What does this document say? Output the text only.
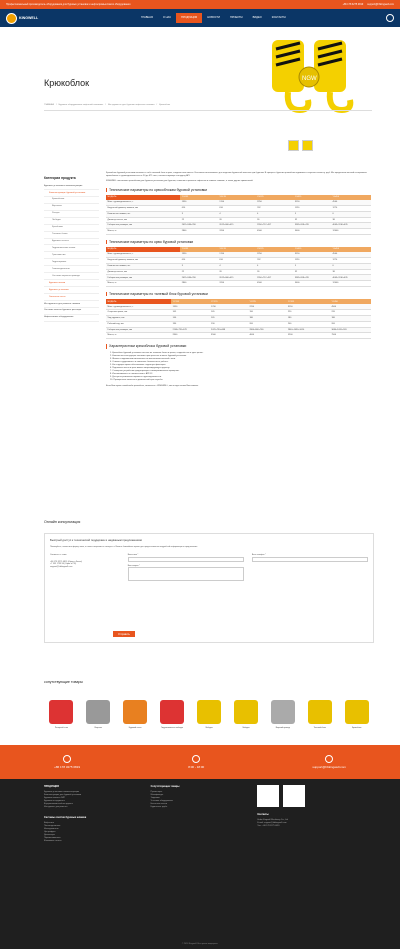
Профессиональный производитель оборудования для буровых установок и нефтепромыслового оборудования	+86 178 3275 0819 support@hbkingwell.com
KINGWELL	ГЛАВНАЯ	О НАС	ПРОДУКЦИЯ	НОВОСТИ	ПРОЕКТЫ	ВИДЕО	КОНТАКТЫ
Крюкоблок	NGW
ГЛАВНАЯ / Буровое оборудование нефтяной скважины / Инструменты для бурения нефтяных скважин / Крюкоблок
Категории продукта
Буровые установки и комплектующие
Комплектующие буровой установки
Крюкоблоки
Вертлюги
Роторы
Лебёдки
Кронблоки
Талевые блоки
Буровые насосы
Гидравлические ключи
Трансмиссии
Гидротормоза
Глиноотделители
Системы верхнего привода
Буровые вышки
Буровые установки
Запасные части
Инструменты для ремонта скважин
Системы очистки бурового раствора
Нефтегазовое оборудование

Крюкоблок буровой установки включает в себя талевый блок и крюк, соединенные вместе. Его можно использовать для подъема бурильной колонны при бурении. В процессе бурения крюкоблок поднимает и опускает колонну труб. Мы предлагаем полный ассортимент крюкоблоков с грузоподъемностью от 50 до 675 тонн, соответствующих стандарту API.

KINGWELL поставляет крюкоблоки для буровых установок для бурения, освоения и ремонта нефтяных и газовых скважин, а также других применений.

Технические параметры по крюкоблокам буровой установки
МОДЕЛЬ	YG135	YG170	YG225	YG315	YG450
Макс. грузоподъемность, т	1350	1700	2250	3150	4500
Наружный диаметр шкивов, мм	610	610	762	1120	1270
Количество шкивов, шт.	3	4	4	5	6
Диаметр каната, мм	22	26	26	32	38
Габаритные размеры, мм	2615×580×290	2612×666×415	2950×717×457	3585×958×470	4003×1130×635
Масса, кг	2800	3700	4500	9000	12000
Технические параметры по крюк буровой установки
МОДЕЛЬ	YG135	YG170	YG225	YG315	YG450
Макс. грузоподъемность, т	1350	1700	2250	3150	4500
Наружный диаметр шкивов, мм	610	610	762	1120	1270
Количество шкивов, шт.	3	4	4	5	6
Диаметр каната, мм	22	26	26	32	38
Габаритные размеры, мм	2615×580×290	2612×666×415	2950×717×457	3585×958×470	4003×1130×635
Масса, кг	2800	3700	4500	9000	12000
Технические параметры по талевый блок буровой установки
МОДЕЛЬ	YC135	YC170	YC225	YC315	YC450
Макс. грузоподъемность, т	1350	1700	2250	3150	4500
Открытие крюка, мм	165	165	190	220	220
Ход пружины, мм	140	165	180	180	180
Рабочий ход, мм	180	190	200	200	200
Габаритные размеры, мм	2108×735×678	2470×730×688	2800×800×780	2840×1030×1010	3080×1020×920
Масса, кг	2800	3500	4000	5200	7500
Характеристики крюкоблока буровой установки
1. Крюкоблок буровой установки состоит из талевого блока и крюка, соединённых в одно целое.
2. Компактная конструкция экономит пространство в мачте буровой установки.
3. Шкивы и подшипники изготовлены из высококачественной стали.
4. Снижает трудоемкость и повышает безопасность работы.
5. Конструкция крюка обеспечивает надежную фиксацию.
6. Подъемная петля и крюк имеют амортизирующую пружину.
7. Стопорное устройство предотвращает самопроизвольное вращение.
8. Изготавливается в соответствии с API 8C.
9. Доступны различные варианты грузоподъемности.
10. Проверенное качество и длительный срок службы.

Если Вам нужен какой-либо крюкоблок, свяжитесь с KINGWELL, мы всегда готовы Вам помочь.

Онлайн консультация
Быстрый доступ к технической поддержке и надёжным предложениям

Пожалуйста, заполните форму ниже, и наши специалисты свяжутся с Вами в ближайшее время для предоставления подробной информации и предложения.

Связаться с нами

+86 178 3275 0819 (Офис в Китае)

+7 995 1738 90 (Офис в РФ)

support@hbkingwell.com

Ваше имя *

Ваш вопрос *

Ваш телефон *

Отправить
сопутствующие товары
Роторный стол	Вертлюг	Буровой насос	Гидравлическая лебедка	Лебедка	Лебедка	Верхний привод	Талевый блок	Крюкоблок
+86 178 3275 0819	8:00 - 18:00	support@hbkingwell.com
ПРОДУКЦИЯ
Буровые установки и комплектующие
Комплектующие для буровой установки
Буровые вышки и ЗИП
Буровые инструменты
Внутрискважинный инструмент
Инструмент для ремонта
Системы очистки буровых шламов
Вибросита
Пескоотделители
Илоотделители
Центрифуги
Дегазаторы
Перемешиватели
Шламовые насосы
Сопутствующие товары
Превенторы
Манифольды
Задвижки
Устьевое оборудование
Насосные штанги
Бурильные трубы

Контакты
Hubei Kingwell Machinery Co., Ltd
E-mail: support@hbkingwell.com
Тел.: +86 178 3275 0819
© 2024 Kingwell. Все права защищены.
